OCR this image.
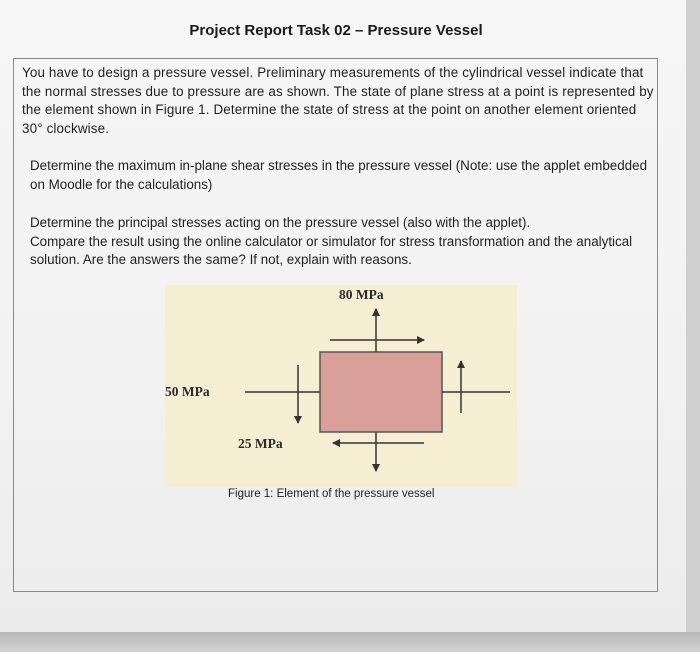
Project Report Task 02 – Pressure Vessel
You have to design a pressure vessel. Preliminary measurements of the cylindrical vessel indicate that the normal stresses due to pressure are as shown. The state of plane stress at a point is represented by the element shown in Figure 1. Determine the state of stress at the point on another element oriented 30° clockwise.
Determine the maximum in-plane shear stresses in the pressure vessel (Note: use the applet embedded on Moodle for the calculations)
Determine the principal stresses acting on the pressure vessel (also with the applet).
Compare the result using the online calculator or simulator for stress transformation and the analytical solution. Are the answers the same? If not, explain with reasons.
80 MPa
50 MPa
25 MPa
Figure 1: Element of the pressure vessel
